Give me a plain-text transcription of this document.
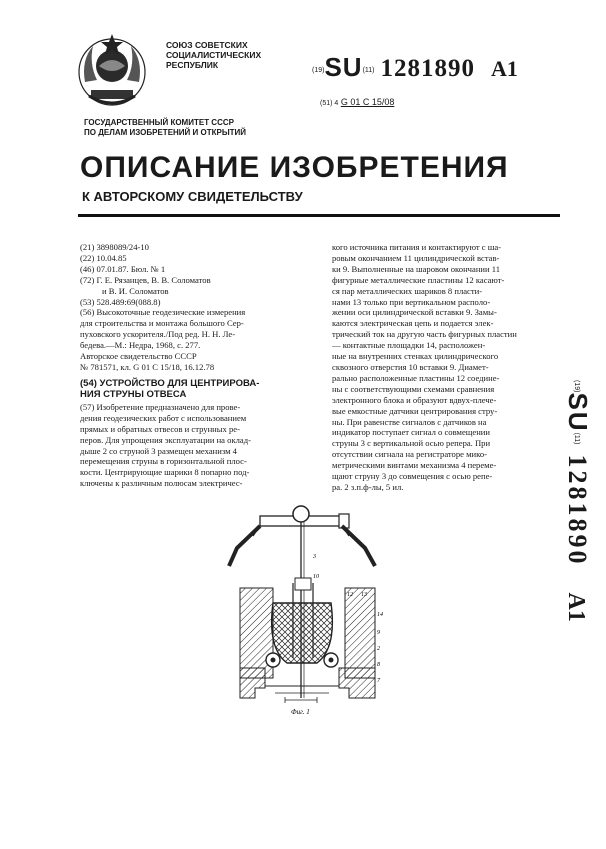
СОЮЗ СОВЕТСКИХ
СОЦИАЛИСТИЧЕСКИХ
РЕСПУБЛИК
$^{(19)}$SU$^{(11)}$ 1281890 A1
(51) 4 G 01 C 15/08
ГОСУДАРСТВЕННЫЙ КОМИТЕТ СССР
ПО ДЕЛАМ ИЗОБРЕТЕНИЙ И ОТКРЫТИЙ
ОПИСАНИЕ ИЗОБРЕТЕНИЯ
К АВТОРСКОМУ СВИДЕТЕЛЬСТВУ
(21) 3898089/24-10
(22) 10.04.85
(46) 07.01.87. Бюл. № 1
(72) Г. Е. Рязанцев, В. В. Соломатов
и В. И. Соломатов
(53) 528.489:69(088.8)
(56) Высокоточные геодезические измерения
для строительства и монтажа большого Сер-
пуховского ускорителя./Под ред. Н. Н. Ле-
бедева.—М.: Недра, 1968, с. 277.
Авторское свидетельство СССР
№ 781571, кл. G 01 C 15/18, 16.12.78

(54) УСТРОЙСТВО ДЛЯ ЦЕНТРИРОВА-

НИЯ СТРУНЫ ОТВЕСА

(57) Изобретение предназначено для прове-
дения геодезических работ с использованием
прямых и обратных отвесов и струнных ре-
перов. Для упрощения эксплуатации на оклад-
дыше 2 со струной 3 размещен механизм 4
перемещения струны в горизонтальной плос-
кости. Центрирующие шарики 8 попарно под-
ключены к различным полюсам электричес-
кого источника питания и контактируют с ша-
ровым окончанием 11 цилиндрической встав-
ки 9. Выполненные на шаровом окончании 11
фигурные металлические пластины 12 касают-
ся пар металлических шариков 8 пласти-
нами 13 только при вертикальном располо-
жении оси цилиндрической вставки 9. Замы-
каются электрическая цепь и подается элек-
трический ток на другую часть фигурных пластин
— контактные площадки 14, расположен-
ные на внутренних стенках цилиндрического
сквозного отверстия 10 вставки 9. Диамет-
рально расположенные пластины 12 соедине-
ны с соответствующими схемами сравнения
электронного блока и образуют вдвух-плече-
вые емкостные датчики центрирования стру-
ны. При равенстве сигналов с датчиков на
индикатор поступает сигнал о совмещении
струны 3 с вертикальной осью репера. При
отсутствии сигнала на регистраторе мико-
метрическими винтами механизма 4 переме-
щают струну 3 до совмещения с осью репе-
ра. 2 з.п.ф-лы, 5 ил.
$^{(19)}$SU$^{(11)}$1281890A1
3
10
12 13
14
9
2
8
7
Фиг. 1
